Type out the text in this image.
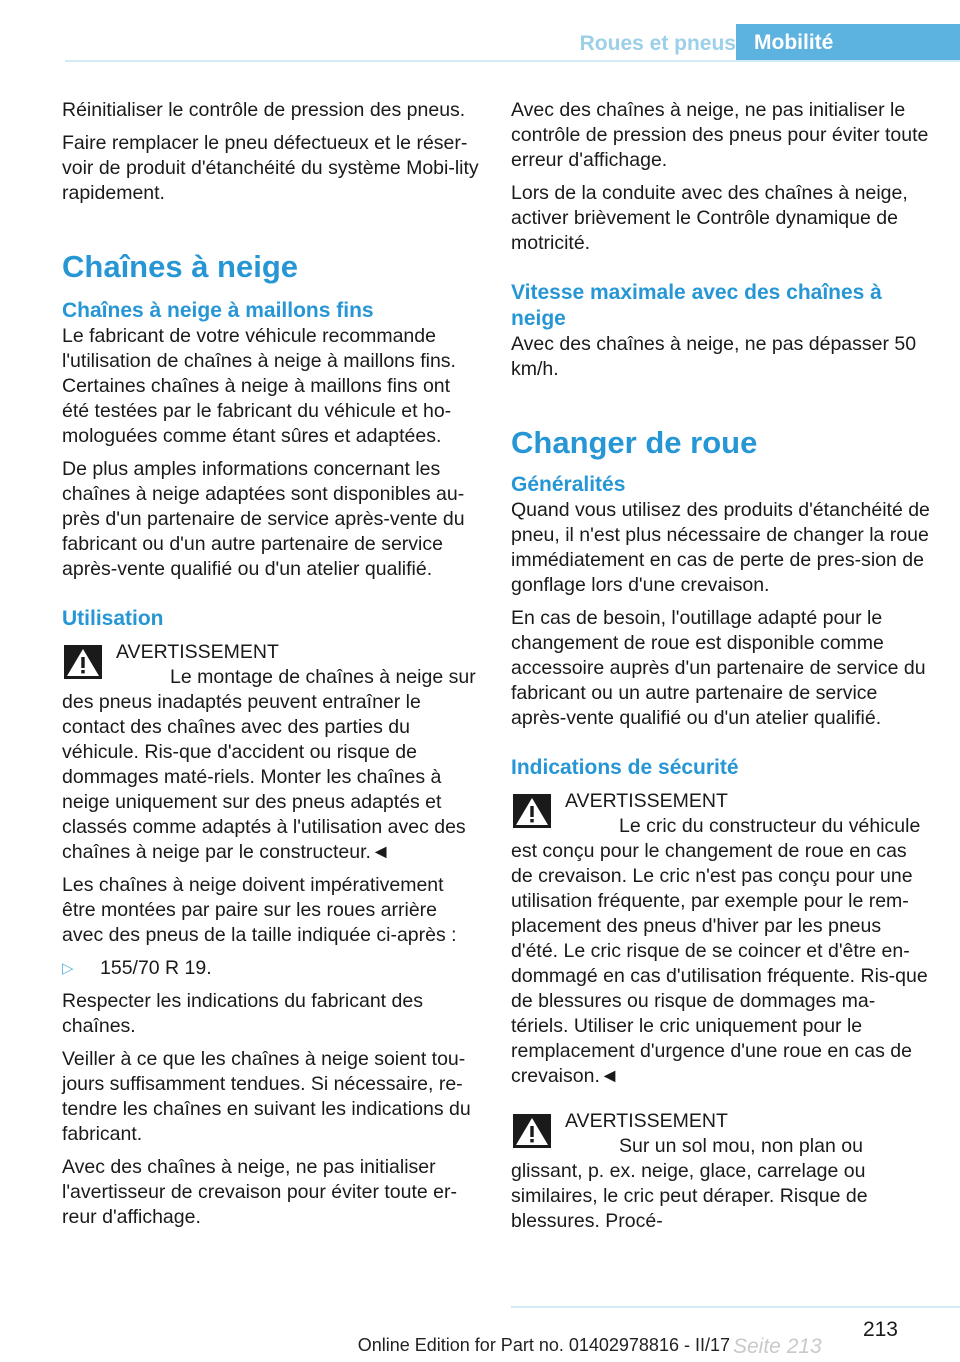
Roues et pneus Mobilité

Réinitialiser le contrôle de pression des pneus.

Faire remplacer le pneu défectueux et le réser‐voir de produit d'étanchéité du système Mobi‐lity rapidement.

Chaînes à neige
Chaînes à neige à maillons fins

Le fabricant de votre véhicule recommande l'utilisation de chaînes à neige à maillons fins. Certaines chaînes à neige à maillons fins ont été testées par le fabricant du véhicule et ho‐mologuées comme étant sûres et adaptées.

De plus amples informations concernant les chaînes à neige adaptées sont disponibles au‐près d'un partenaire de service après-vente du fabricant ou d'un autre partenaire de service après-vente qualifié ou d'un atelier qualifié.

Utilisation
AVERTISSEMENT
Le montage de chaînes à neige sur des pneus inadaptés peuvent entraîner le contact des chaînes avec des parties du véhicule. Ris‐que d'accident ou risque de dommages maté‐riels. Monter les chaînes à neige uniquement sur des pneus adaptés et classés comme adaptés à l'utilisation avec des chaînes à neige par le constructeur.◄

Les chaînes à neige doivent impérativement être montées par paire sur les roues arrière avec des pneus de la taille indiquée ci-après :

▷	155/70 R 19.

Respecter les indications du fabricant des chaînes.

Veiller à ce que les chaînes à neige soient tou‐jours suffisamment tendues. Si nécessaire, re‐tendre les chaînes en suivant les indications du fabricant.

Avec des chaînes à neige, ne pas initialiser l'avertisseur de crevaison pour éviter toute er‐reur d'affichage.

Avec des chaînes à neige, ne pas initialiser le contrôle de pression des pneus pour éviter toute erreur d'affichage.

Lors de la conduite avec des chaînes à neige, activer brièvement le Contrôle dynamique de motricité.

Vitesse maximale avec des chaînes à neige

Avec des chaînes à neige, ne pas dépasser 50 km/h.

Changer de roue
Généralités

Quand vous utilisez des produits d'étanchéité de pneu, il n'est plus nécessaire de changer la roue immédiatement en cas de perte de pres‐sion de gonflage lors d'une crevaison.

En cas de besoin, l'outillage adapté pour le changement de roue est disponible comme accessoire auprès d'un partenaire de service du fabricant ou un autre partenaire de service après-vente qualifié ou d'un atelier qualifié.

Indications de sécurité
AVERTISSEMENT
Le cric du constructeur du véhicule est conçu pour le changement de roue en cas de crevaison. Le cric n'est pas conçu pour une utilisation fréquente, par exemple pour le rem‐placement des pneus d'hiver par les pneus d'été. Le cric risque de se coincer et d'être en‐dommagé en cas d'utilisation fréquente. Ris‐que de blessures ou risque de dommages ma‐tériels. Utiliser le cric uniquement pour le remplacement d'urgence d'une roue en cas de crevaison.◄
AVERTISSEMENT
Sur un sol mou, non plan ou glissant, p. ex. neige, glace, carrelage ou similaires, le cric peut déraper. Risque de blessures. Procé‐
213
Online Edition for Part no. 01402978816 - II/17 Seite 213
